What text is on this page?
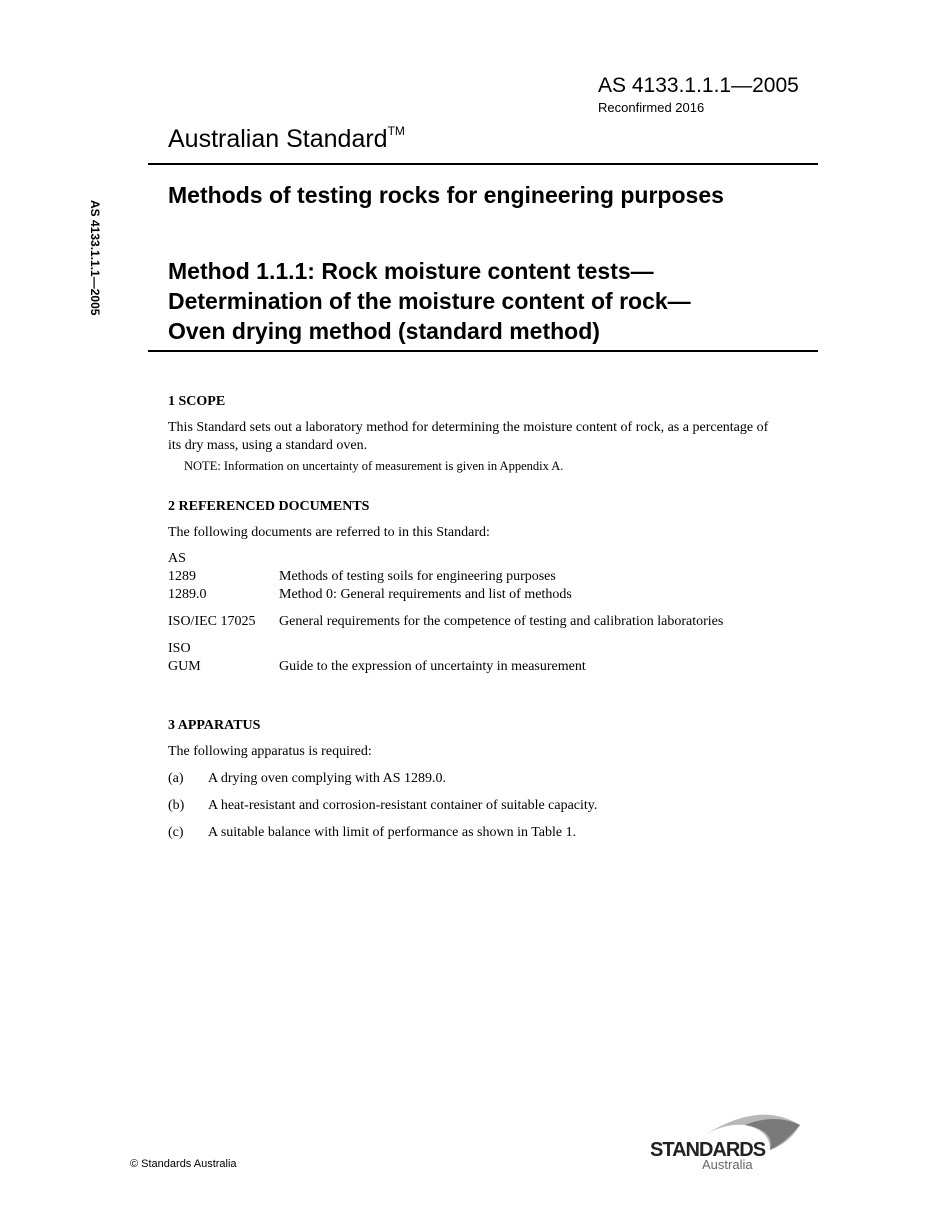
AS 4133.1.1.1—2005
Reconfirmed 2016
Australian Standard™
AS 4133.1.1.1—2005
Methods of testing rocks for engineering purposes
Method 1.1.1: Rock moisture content tests—
Determination of the moisture content of rock—
Oven drying method (standard method)
1 SCOPE
This Standard sets out a laboratory method for determining the moisture content of rock, as a percentage of its dry mass, using a standard oven.
NOTE: Information on uncertainty of measurement is given in Appendix A.
2 REFERENCED DOCUMENTS
The following documents are referred to in this Standard:
AS
1289	Methods of testing soils for engineering purposes
1289.0	Method 0: General requirements and list of methods
ISO/IEC 17025	General requirements for the competence of testing and calibration laboratories
ISO
GUM	Guide to the expression of uncertainty in measurement
3 APPARATUS
The following apparatus is required:
(a)	A drying oven complying with AS 1289.0.
(b)	A heat-resistant and corrosion-resistant container of suitable capacity.
(c)	A suitable balance with limit of performance as shown in Table 1.
© Standards Australia
STANDARDS
Australia
